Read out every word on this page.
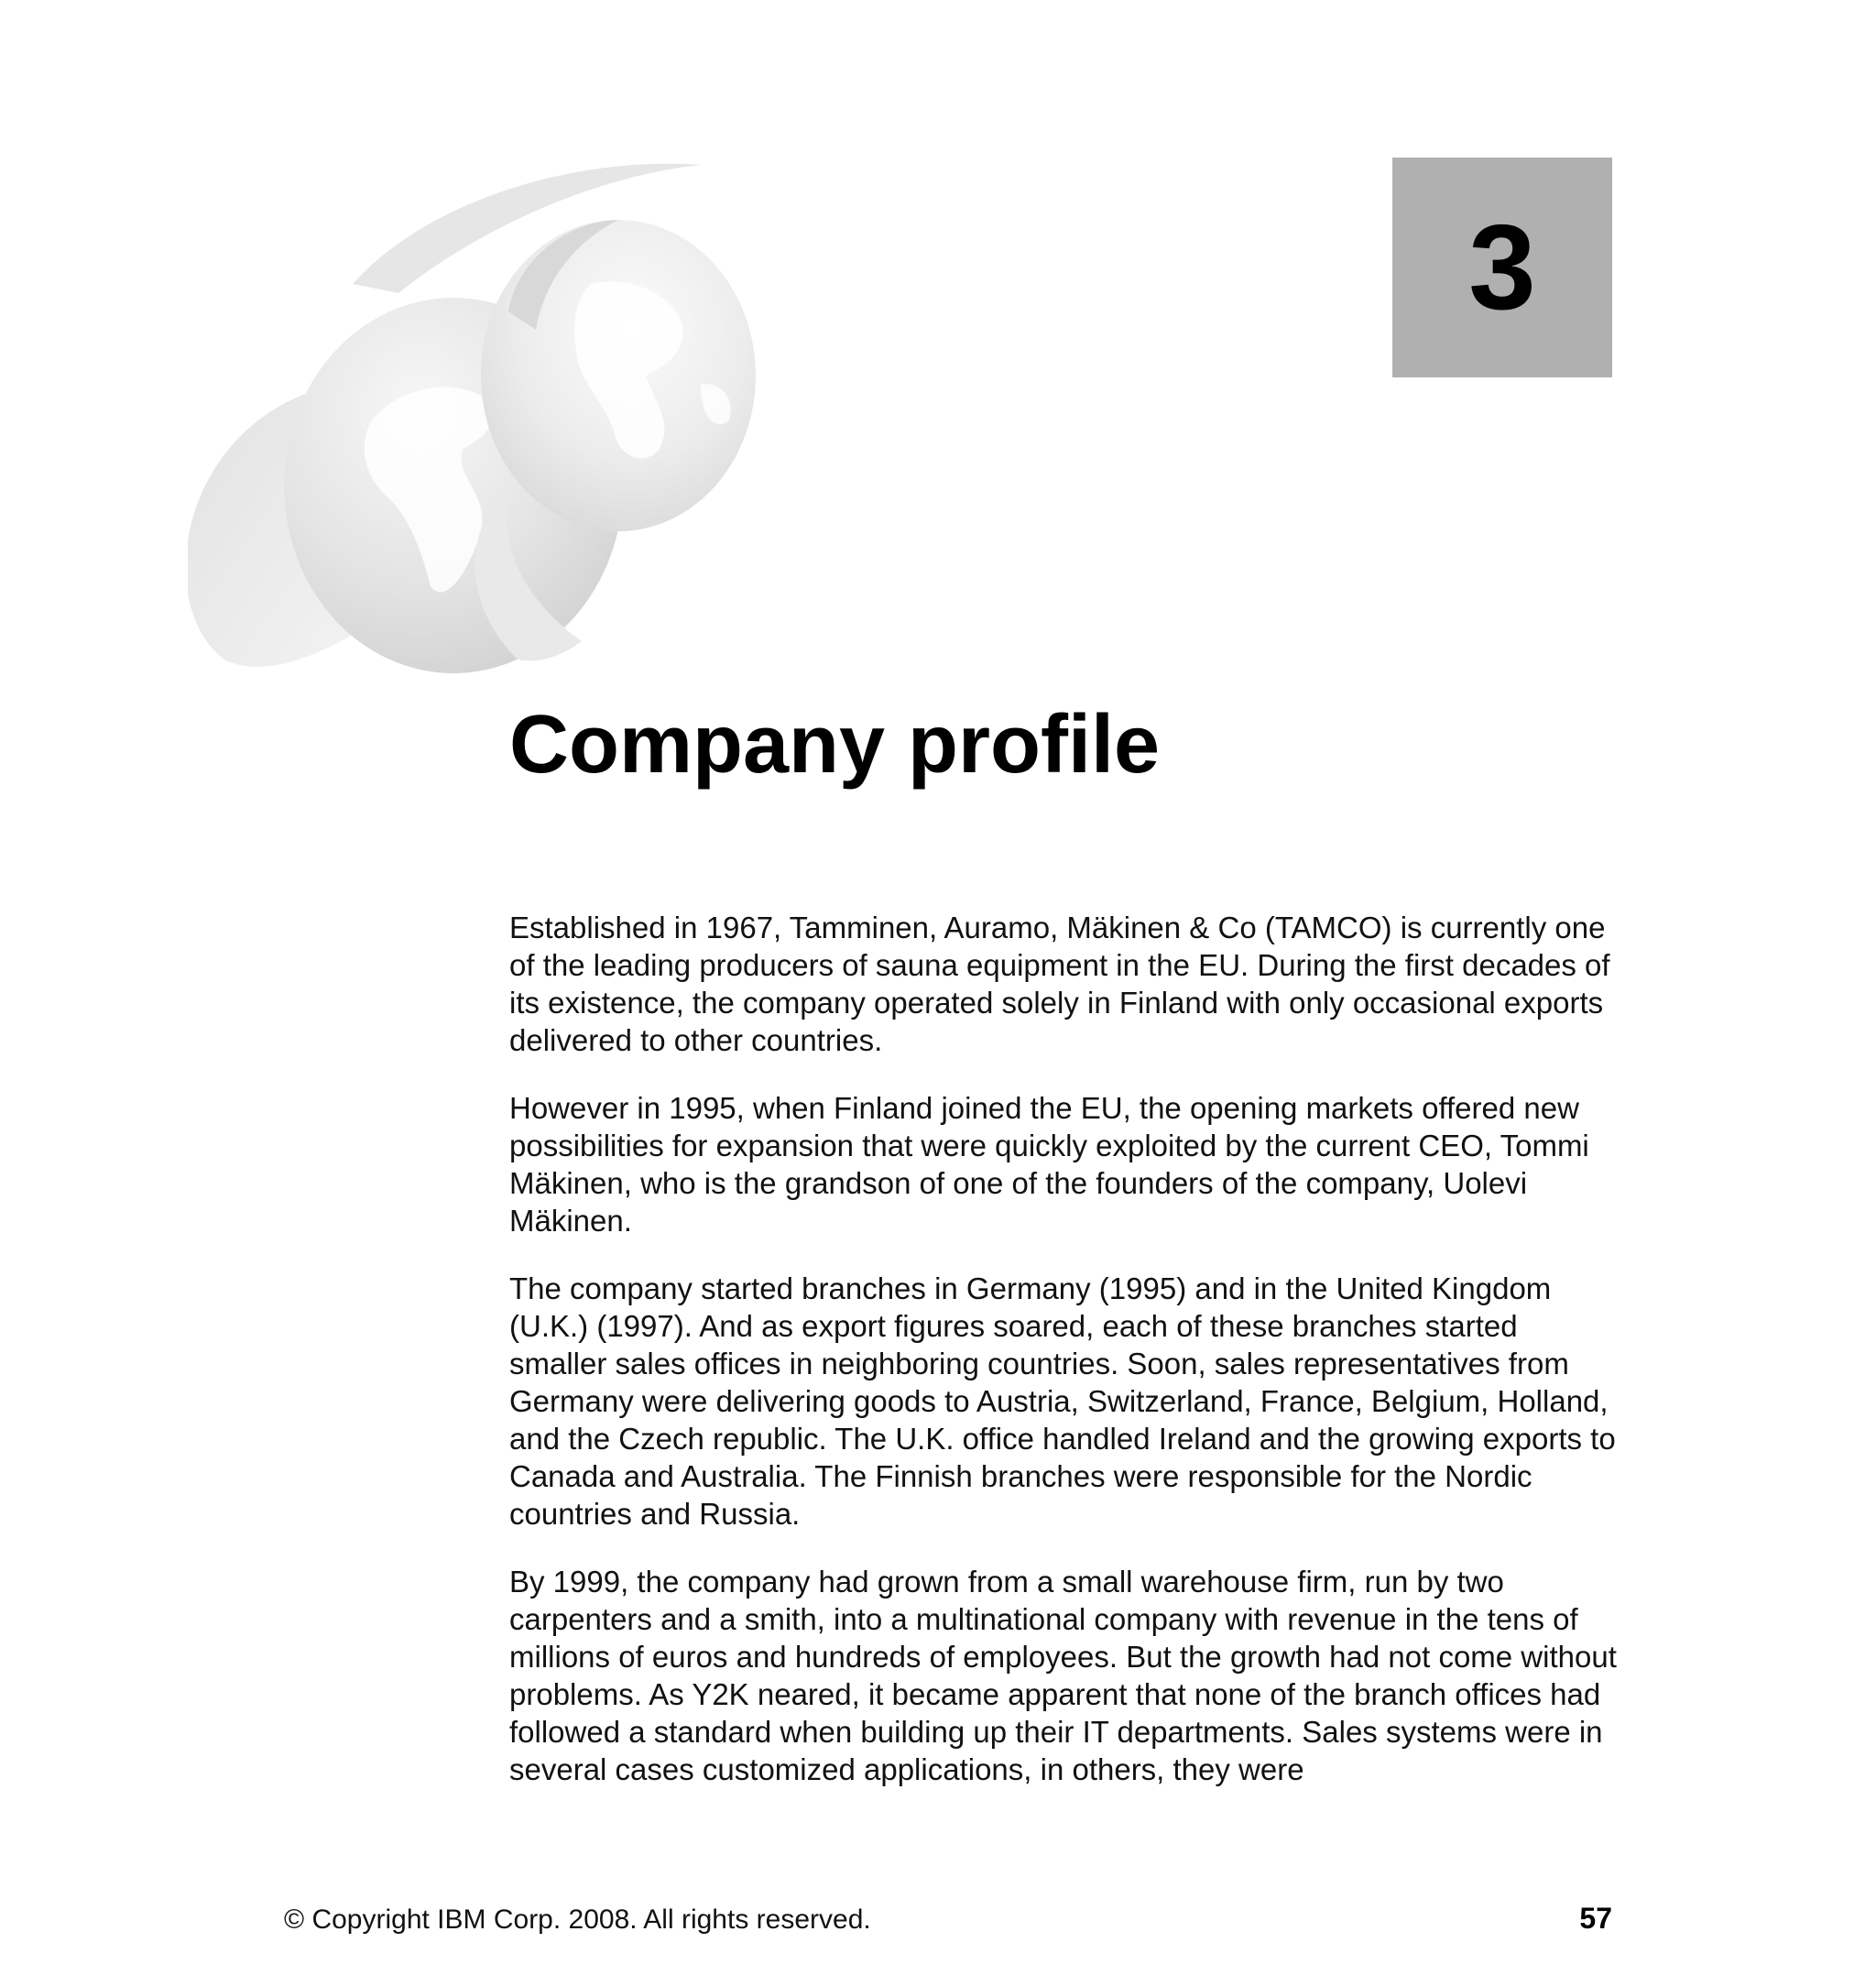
3
Company profile

Established in 1967, Tamminen, Auramo, Mäkinen & Co (TAMCO) is currently one of the leading producers of sauna equipment in the EU. During the first decades of its existence, the company operated solely in Finland with only occasional exports delivered to other countries.

However in 1995, when Finland joined the EU, the opening markets offered new possibilities for expansion that were quickly exploited by the current CEO, Tommi Mäkinen, who is the grandson of one of the founders of the company, Uolevi Mäkinen.

The company started branches in Germany (1995) and in the United Kingdom (U.K.) (1997). And as export figures soared, each of these branches started smaller sales offices in neighboring countries. Soon, sales representatives from Germany were delivering goods to Austria, Switzerland, France, Belgium, Holland, and the Czech republic. The U.K. office handled Ireland and the growing exports to Canada and Australia. The Finnish branches were responsible for the Nordic countries and Russia.

By 1999, the company had grown from a small warehouse firm, run by two carpenters and a smith, into a multinational company with revenue in the tens of millions of euros and hundreds of employees. But the growth had not come without problems. As Y2K neared, it became apparent that none of the branch offices had followed a standard when building up their IT departments. Sales systems were in several cases customized applications, in others, they were

© Copyright IBM Corp. 2008. All rights reserved.	57
